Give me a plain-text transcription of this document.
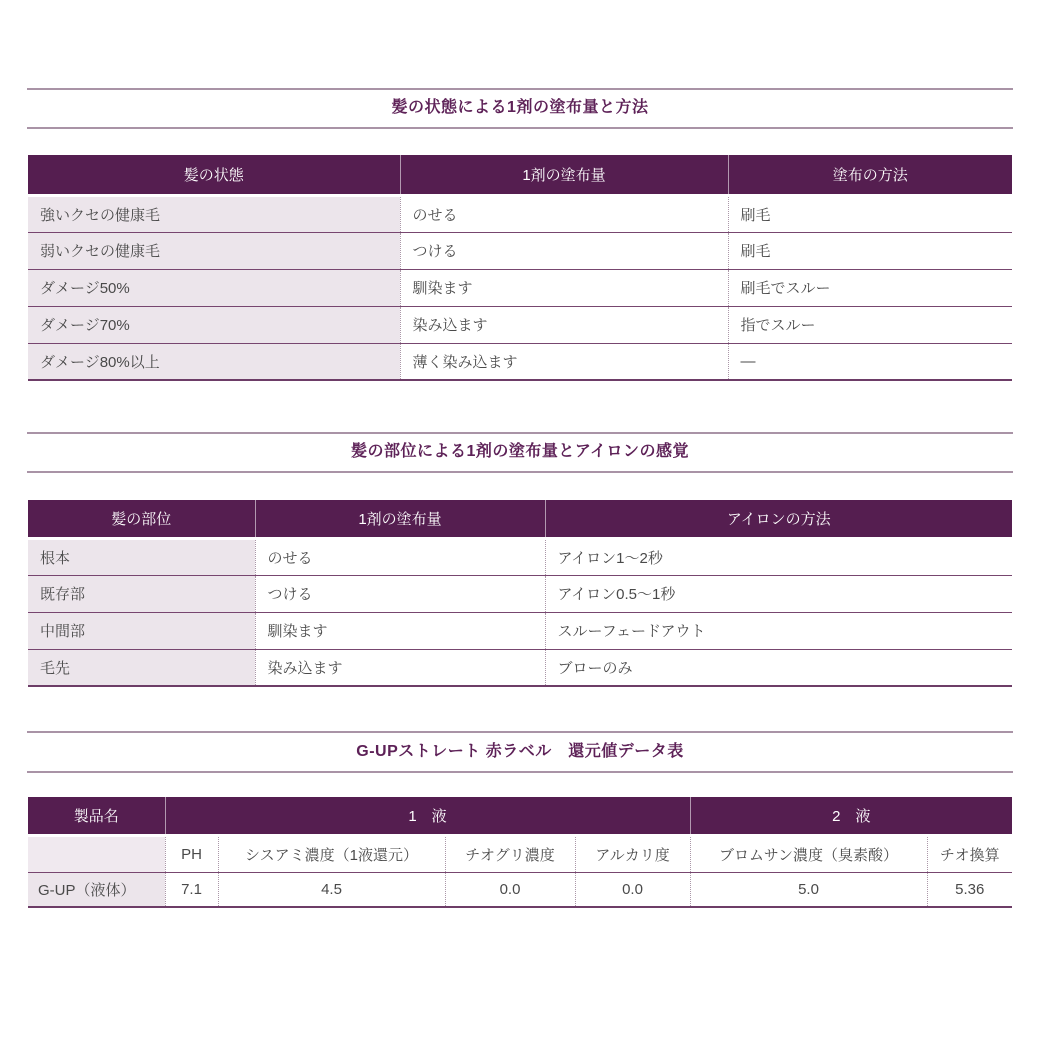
髪の状態による1剤の塗布量と方法
髪の状態	1剤の塗布量	塗布の方法
強いクセの健康毛	のせる	刷毛
弱いクセの健康毛	つける	刷毛
ダメージ50%	馴染ます	刷毛でスルー
ダメージ70%	染み込ます	指でスルー
ダメージ80%以上	薄く染み込ます	—
髪の部位による1剤の塗布量とアイロンの感覚
髪の部位	1剤の塗布量	アイロンの方法
根本	のせる	アイロン1～2秒
既存部	つける	アイロン0.5～1秒
中間部	馴染ます	スルーフェードアウト
毛先	染み込ます	ブローのみ
G-UPストレート 赤ラベル　還元値データ表
製品名	1　液				2　液	
	PH	シスアミ濃度（1液還元）	チオグリ濃度	アルカリ度	ブロムサン濃度（臭素酸）	チオ換算
G-UP（液体）	7.1	4.5	0.0	0.0	5.0	5.36
